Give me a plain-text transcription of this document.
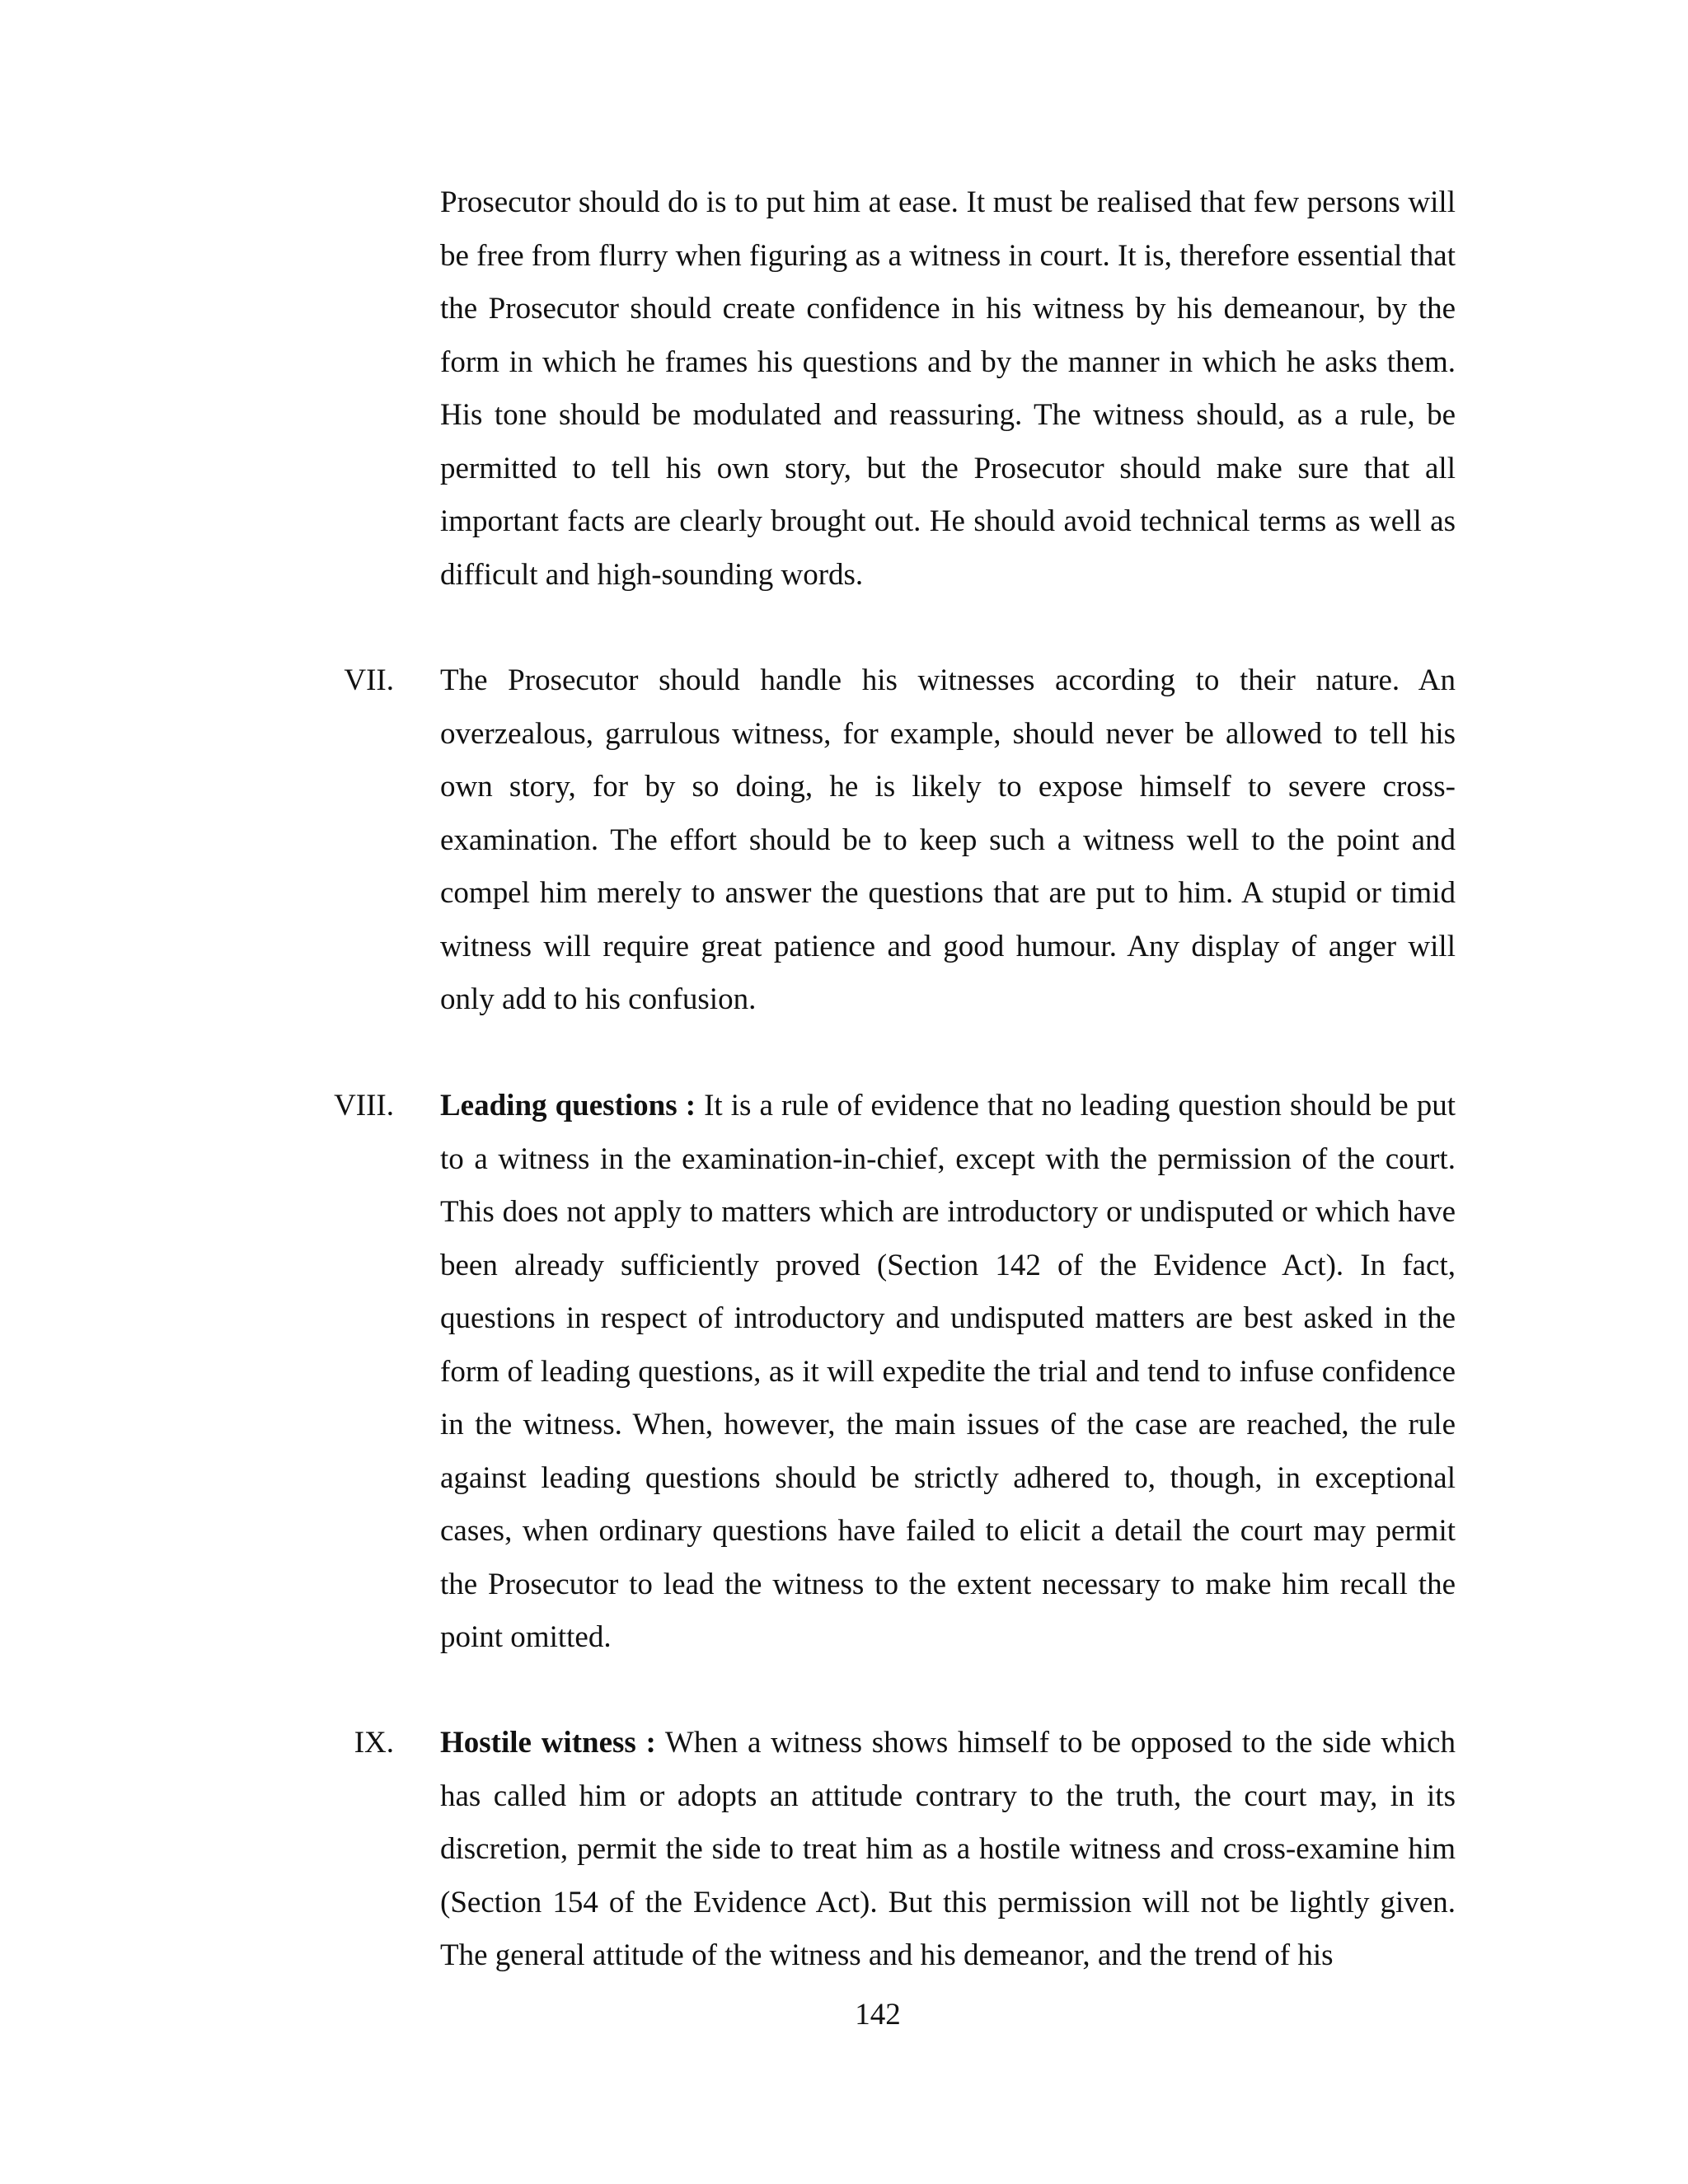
Prosecutor should do is to put him at ease. It must be realised that few persons will be free from flurry when figuring as a witness in court. It is, therefore essential that the Prosecutor should create confidence in his witness by his demeanour, by the form in which he frames his questions and by the manner in which he asks them. His tone should be modulated and reassuring. The witness should, as a rule, be permitted to tell his own story, but the Prosecutor should make sure that all important facts are clearly brought out. He should avoid technical terms as well as difficult and high-sounding words.

VII. The Prosecutor should handle his witnesses according to their nature. An overzealous, garrulous witness, for example, should never be allowed to tell his own story, for by so doing, he is likely to expose himself to severe cross-examination. The effort should be to keep such a witness well to the point and compel him merely to answer the questions that are put to him. A stupid or timid witness will require great patience and good humour. Any display of anger will only add to his confusion.

VIII. Leading questions : It is a rule of evidence that no leading question should be put to a witness in the examination-in-chief, except with the permission of the court. This does not apply to matters which are introductory or undisputed or which have been already sufficiently proved (Section 142 of the Evidence Act). In fact, questions in respect of introductory and undisputed matters are best asked in the form of leading questions, as it will expedite the trial and tend to infuse confidence in the witness. When, however, the main issues of the case are reached, the rule against leading questions should be strictly adhered to, though, in exceptional cases, when ordinary questions have failed to elicit a detail the court may permit the Prosecutor to lead the witness to the extent necessary to make him recall the point omitted.

IX. Hostile witness : When a witness shows himself to be opposed to the side which has called him or adopts an attitude contrary to the truth, the court may, in its discretion, permit the side to treat him as a hostile witness and cross-examine him (Section 154 of the Evidence Act). But this permission will not be lightly given. The general attitude of the witness and his demeanor, and the trend of his

142
